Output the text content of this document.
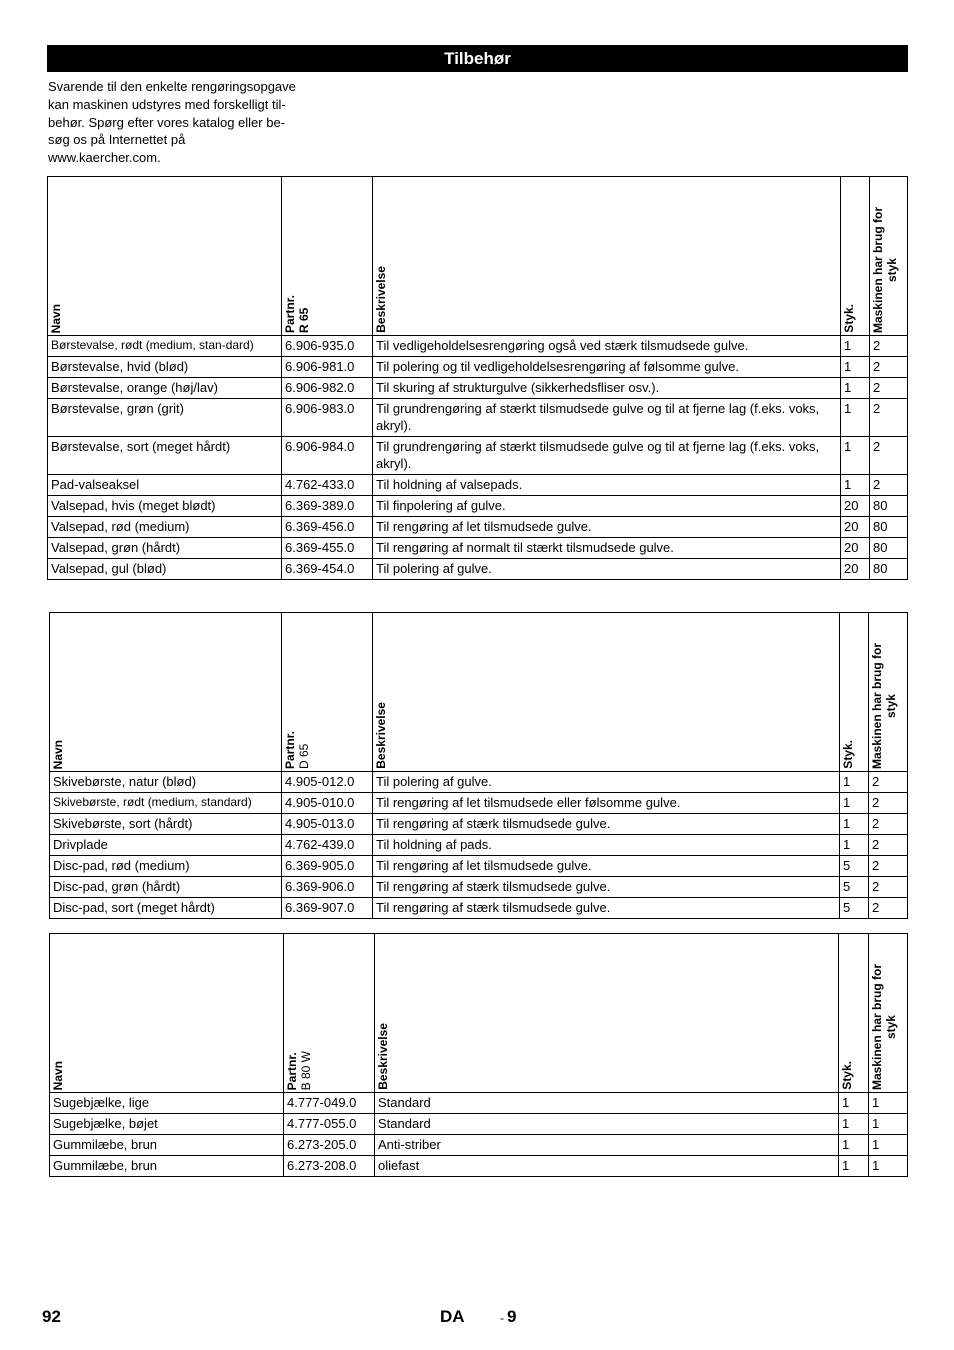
Tilbehør
Svarende til den enkelte rengøringsopgave
kan maskinen udstyres med forskelligt til-
behør. Spørg efter vores katalog eller be-
søg os på Internettet på
www.kaercher.com.
Navn	Partnr. R 65	Beskrivelse	Styk.	Maskinen har brug for styk

Børstevalse, rødt (medium, stan-dard)	6.906-935.0	Til vedligeholdelsesrengøring også ved stærk tilsmudsede gulve.	1	2
Børstevalse, hvid (blød)	6.906-981.0	Til polering og til vedligeholdelsesrengøring af følsomme gulve.	1	2
Børstevalse, orange (høj/lav)	6.906-982.0	Til skuring af strukturgulve (sikkerhedsfliser osv.).	1	2
Børstevalse, grøn (grit)	6.906-983.0	Til grundrengøring af stærkt tilsmudsede gulve og til at fjerne lag (f.eks. voks, akryl).	1	2
Børstevalse, sort (meget hårdt)	6.906-984.0	Til grundrengøring af stærkt tilsmudsede gulve og til at fjerne lag (f.eks. voks, akryl).	1	2
Pad-valseaksel	4.762-433.0	Til holdning af valsepads.	1	2
Valsepad, hvis (meget blødt)	6.369-389.0	Til finpolering af gulve.	20	80
Valsepad, rød (medium)	6.369-456.0	Til rengøring af let tilsmudsede gulve.	20	80
Valsepad, grøn (hårdt)	6.369-455.0	Til rengøring af normalt til stærkt tilsmudsede gulve.	20	80
Valsepad, gul (blød)	6.369-454.0	Til polering af gulve.	20	80
Navn	Partnr. D 65	Beskrivelse	Styk.	Maskinen har brug for styk

Skivebørste, natur (blød)	4.905-012.0	Til polering af gulve.	1	2
Skivebørste, rødt (medium, standard)	4.905-010.0	Til rengøring af let tilsmudsede eller følsomme gulve.	1	2
Skivebørste, sort (hårdt)	4.905-013.0	Til rengøring af stærk tilsmudsede gulve.	1	2
Drivplade	4.762-439.0	Til holdning af pads.	1	2
Disc-pad, rød (medium)	6.369-905.0	Til rengøring af let tilsmudsede gulve.	5	2
Disc-pad, grøn (hårdt)	6.369-906.0	Til rengøring af stærk tilsmudsede gulve.	5	2
Disc-pad, sort (meget hårdt)	6.369-907.0	Til rengøring af stærk tilsmudsede gulve.	5	2
Navn	Partnr. B 80 W	Beskrivelse	Styk.	Maskinen har brug for styk

Sugebjælke, lige	4.777-049.0	Standard	1	1
Sugebjælke, bøjet	4.777-055.0	Standard	1	1
Gummilæbe, brun	6.273-205.0	Anti-striber	1	1
Gummilæbe, brun	6.273-208.0	oliefast	1	1
92	DA	- 9
